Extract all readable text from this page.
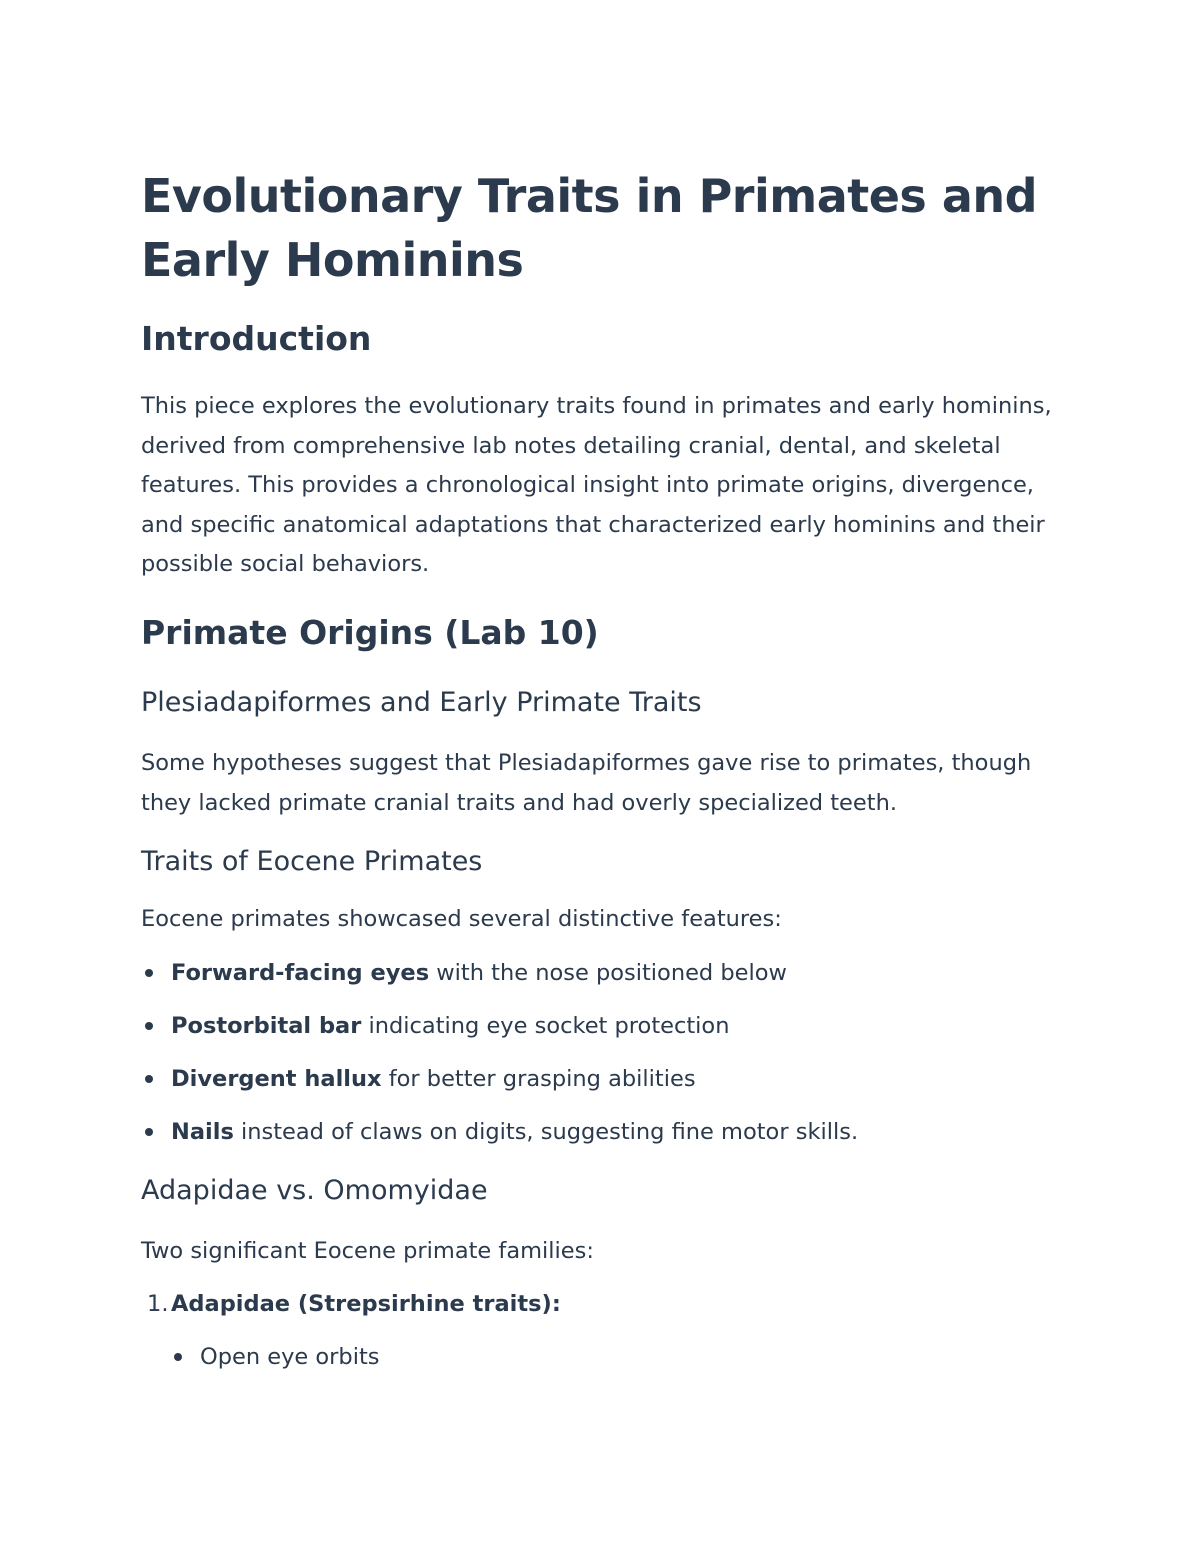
Evolutionary Traits in Primates and Early Hominins
Introduction

This piece explores the evolutionary traits found in primates and early hominins, derived from comprehensive lab notes detailing cranial, dental, and skeletal features. This provides a chronological insight into primate origins, divergence, and specific anatomical adaptations that characterized early hominins and their possible social behaviors.

Primate Origins (Lab 10)
Plesiadapiformes and Early Primate Traits

Some hypotheses suggest that Plesiadapiformes gave rise to primates, though they lacked primate cranial traits and had overly specialized teeth.

Traits of Eocene Primates

Eocene primates showcased several distinctive features:

Forward-facing eyes with the nose positioned below
Postorbital bar indicating eye socket protection
Divergent hallux for better grasping abilities
Nails instead of claws on digits, suggesting fine motor skills.
Adapidae vs. Omomyidae

Two significant Eocene primate families:

1. Adapidae (Strepsirhine traits):
Open eye orbits
